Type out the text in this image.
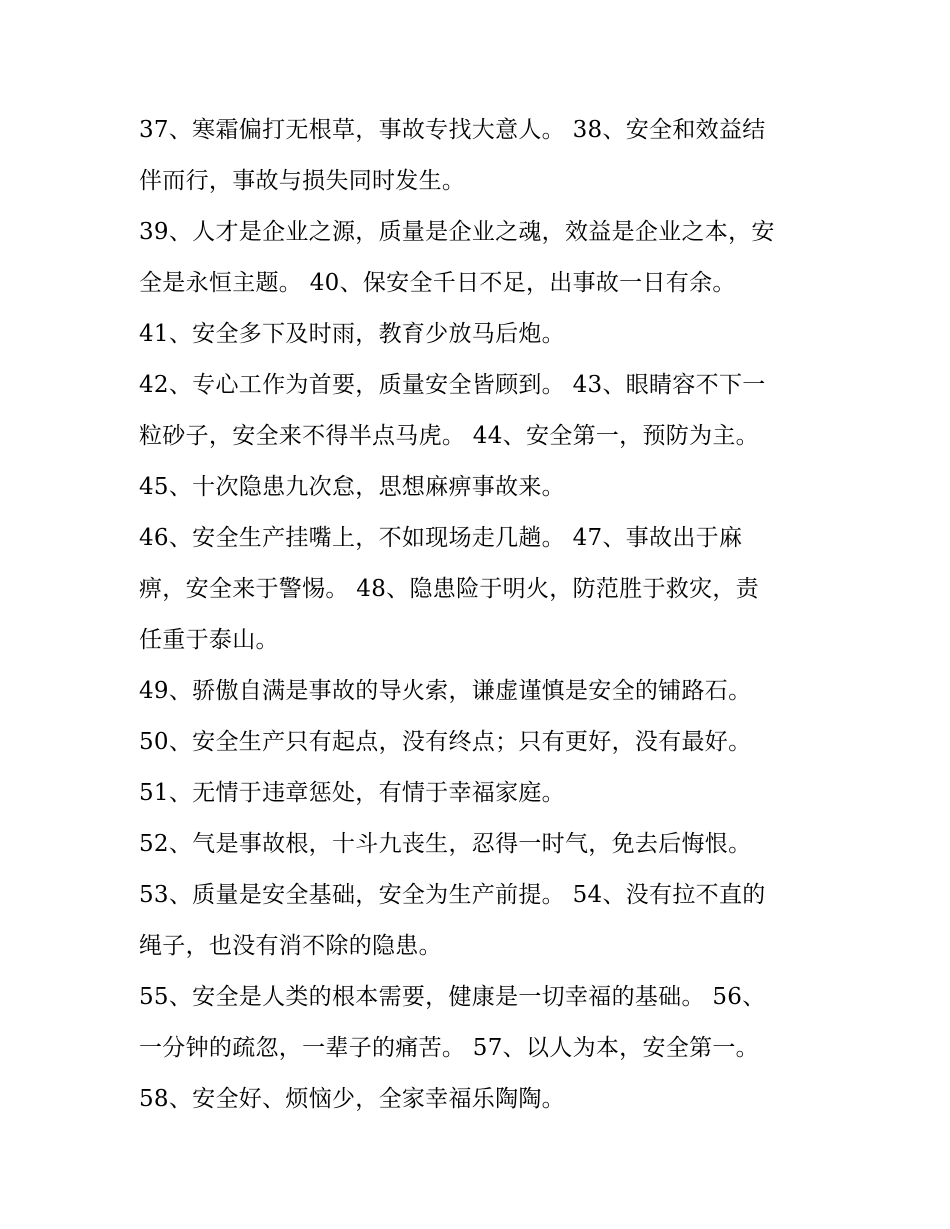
37、寒霜偏打无根草，事故专找大意人。 38、安全和效益结
伴而行，事故与损失同时发生。
39、人才是企业之源，质量是企业之魂，效益是企业之本，安
全是永恒主题。 40、保安全千日不足，出事故一日有余。
41、安全多下及时雨，教育少放马后炮。
42、专心工作为首要，质量安全皆顾到。 43、眼睛容不下一
粒砂子，安全来不得半点马虎。 44、安全第一，预防为主。
45、十次隐患九次怠，思想麻痹事故来。
46、安全生产挂嘴上，不如现场走几趟。 47、事故出于麻
痹，安全来于警惕。 48、隐患险于明火，防范胜于救灾，责
任重于泰山。
49、骄傲自满是事故的导火索，谦虚谨慎是安全的铺路石。
50、安全生产只有起点，没有终点；只有更好，没有最好。
51、无情于违章惩处，有情于幸福家庭。
52、气是事故根，十斗九丧生，忍得一时气，免去后悔恨。
53、质量是安全基础，安全为生产前提。 54、没有拉不直的
绳子，也没有消不除的隐患。
55、安全是人类的根本需要，健康是一切幸福的基础。 56、
一分钟的疏忽，一辈子的痛苦。 57、以人为本，安全第一。
58、安全好、烦恼少，全家幸福乐陶陶。
